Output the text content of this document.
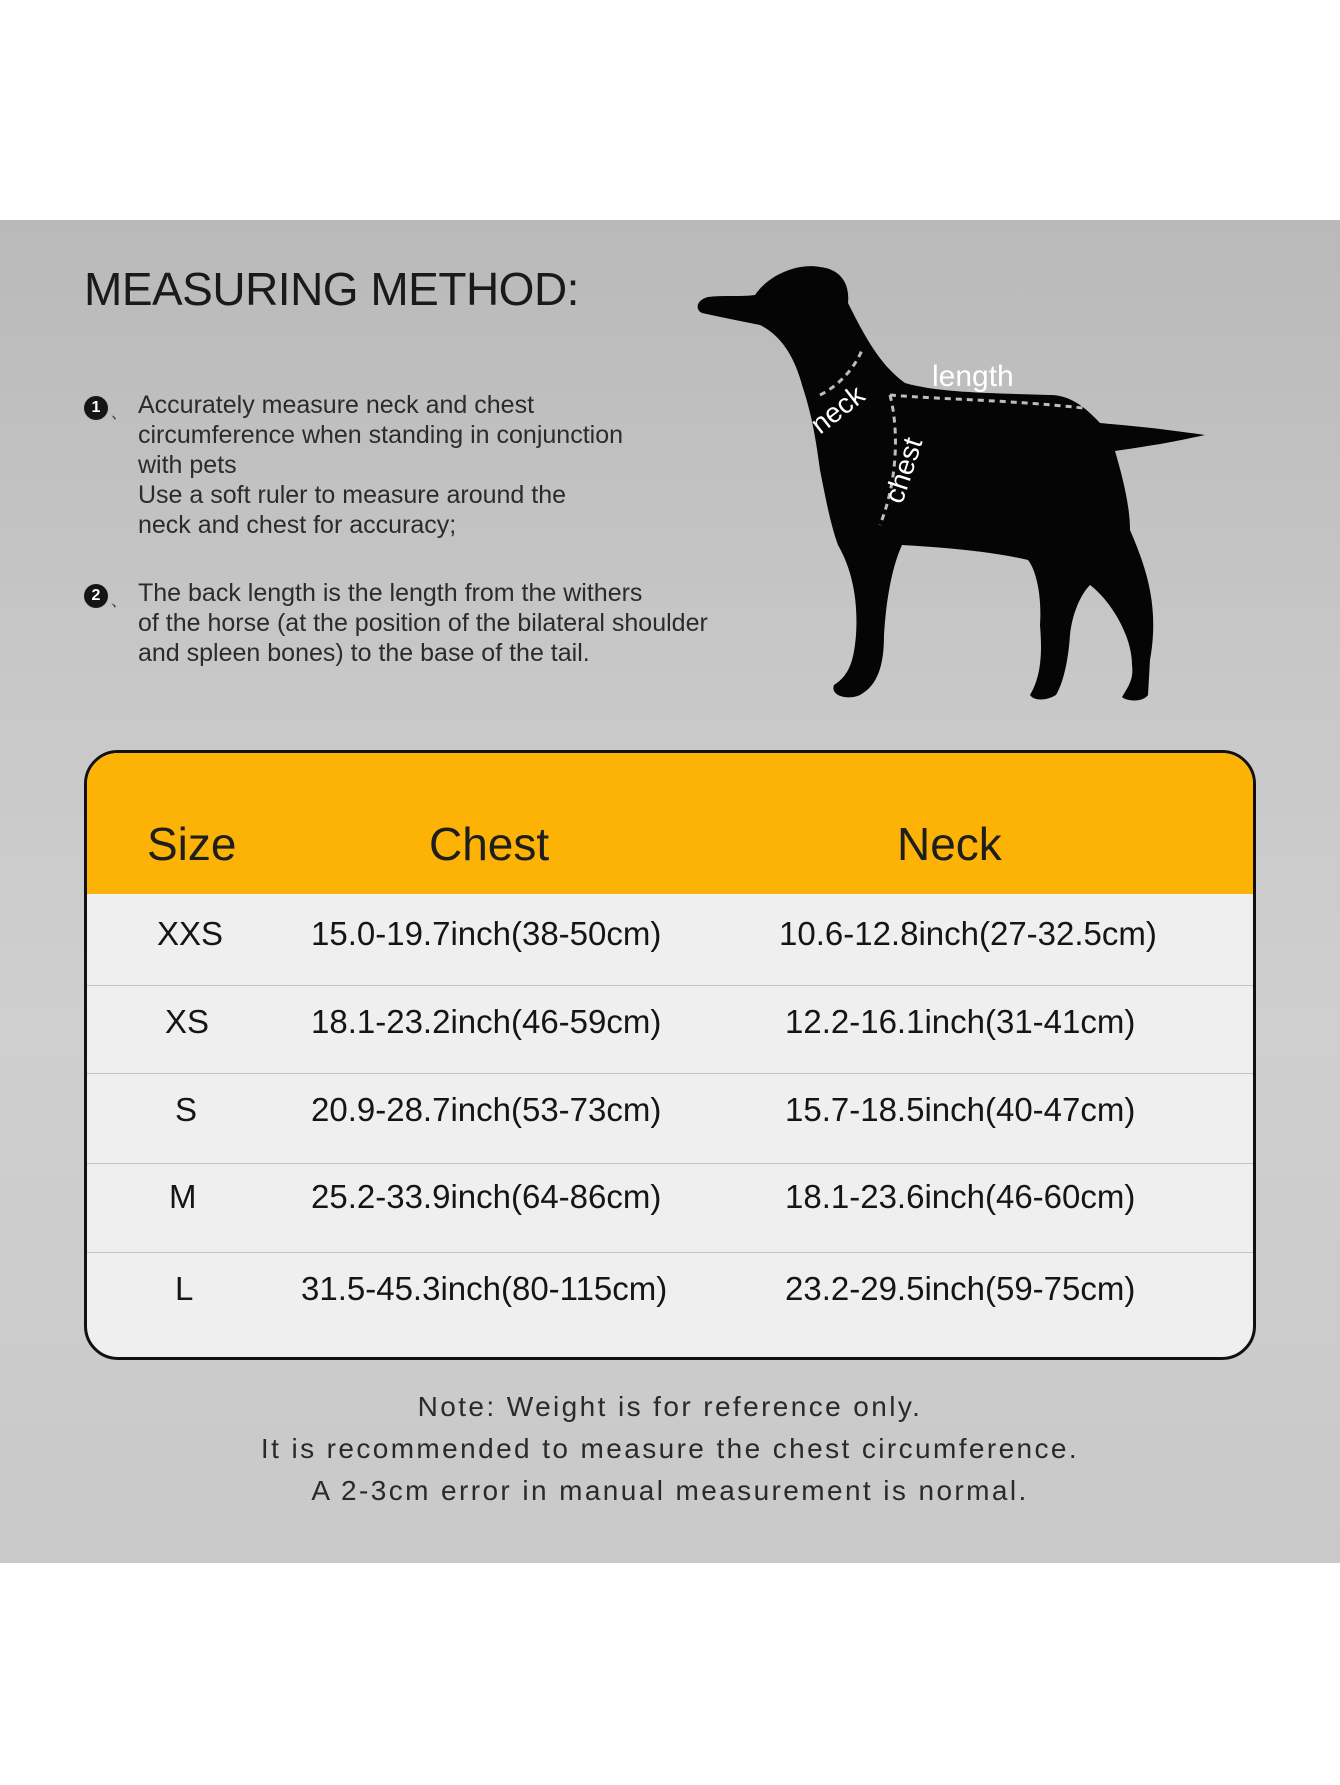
MEASURING METHOD:
1 、 Accurately measure neck and chest
circumference when standing in conjunction
with pets
Use a soft ruler to measure around the
neck and chest for accuracy;
2 、 The back length is the length from the withers
of the horse (at the position of the bilateral shoulder
and spleen bones) to the base of the tail.
length
neck
chest
Size	Chest	Neck
XXS	15.0-19.7inch(38-50cm)	10.6-12.8inch(27-32.5cm)
XS	18.1-23.2inch(46-59cm)	12.2-16.1inch(31-41cm)
S	20.9-28.7inch(53-73cm)	15.7-18.5inch(40-47cm)
M	25.2-33.9inch(64-86cm)	18.1-23.6inch(46-60cm)
L	31.5-45.3inch(80-115cm)	23.2-29.5inch(59-75cm)
Note: Weight is for reference only.
It is recommended to measure the chest circumference.
A 2-3cm error in manual measurement is normal.
